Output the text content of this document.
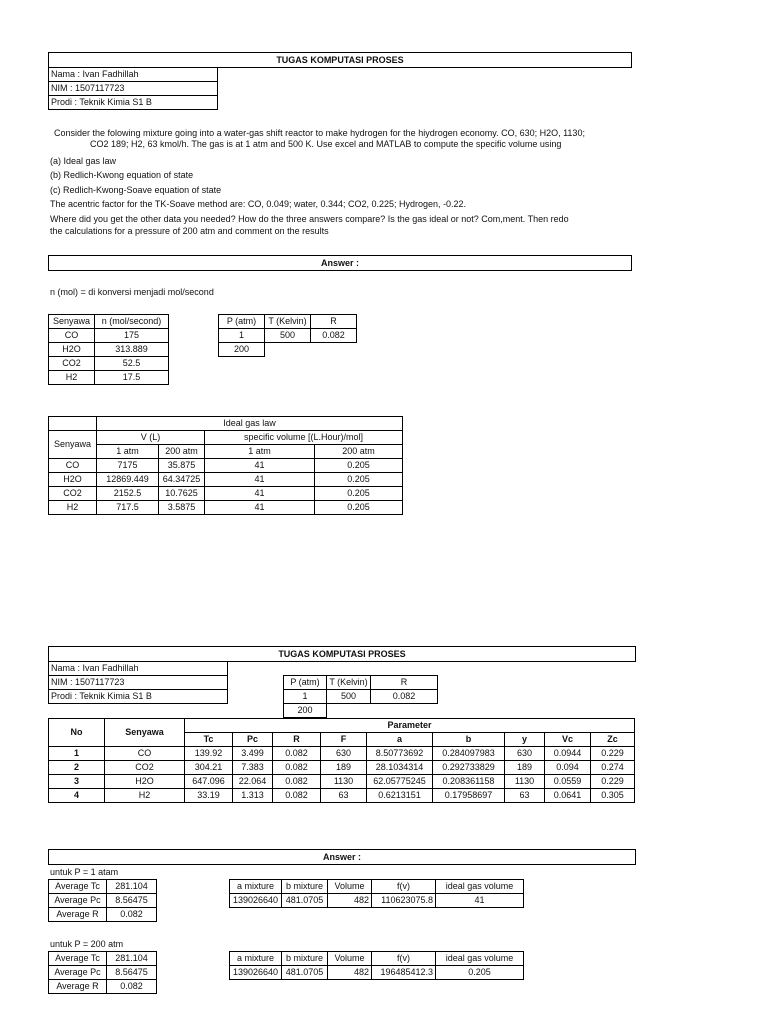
TUGAS KOMPUTASI PROSES
Nama : Ivan Fadhillah
NIM : 1507117723
Prodi : Teknik Kimia S1 B
Consider the folowing mixture going into a water-gas shift reactor to make hydrogen for the hiydrogen economy. CO, 630; H2O, 1130;
CO2 189; H2, 63 kmol/h. The gas is at 1 atm and 500 K. Use excel and MATLAB to compute the specific volume using
(a) Ideal gas law
(b) Redlich-Kwong equation of state
(c) Redlich-Kwong-Soave equation of state
The acentric factor for the TK-Soave method are: CO, 0.049; water, 0.344; CO2, 0.225; Hydrogen, -0.22.
Where did you get the other data you needed? How do the three answers compare? Is the gas ideal or not? Com,ment. Then redo
the calculations for a pressure of 200 atm and comment on the results
Answer :
n (mol) = di konversi menjadi mol/second
Senyawa	n (mol/second)
CO	175
H2O	313.889
CO2	52.5
H2	17.5
P (atm)	T (Kelvin)	R
1	500	0.082
200		
	Ideal gas law			
Senyawa	V (L)		specific volume [(L.Hour)/mol]	
	1 atm	200 atm	1 atm	200 atm
CO	7175	35.875	41	0.205
H2O	12869.449	64.34725	41	0.205
CO2	2152.5	10.7625	41	0.205
H2	717.5	3.5875	41	0.205
TUGAS KOMPUTASI PROSES
Nama : Ivan Fadhillah
NIM : 1507117723
Prodi : Teknik Kimia S1 B
P (atm)	T (Kelvin)	R
1	500	0.082
200		
No	Senyawa	Parameter								
		Tc	Pc	R	F	a	b	y	Vc	Zc
1	CO	139.92	3.499	0.082	630	8.50773692	0.284097983	630	0.0944	0.229
2	CO2	304.21	7.383	0.082	189	28.1034314	0.292733829	189	0.094	0.274
3	H2O	647.096	22.064	0.082	1130	62.05775245	0.208361158	1130	0.0559	0.229
4	H2	33.19	1.313	0.082	63	0.6213151	0.17958697	63	0.0641	0.305
Answer :
untuk P = 1 atam
Average Tc	281.104
Average Pc	8.56475
Average R	0.082
a mixture	b mixture	Volume	f(v)	ideal gas volume
139026640	481.0705	482	110623075.8	41
untuk P = 200 atm
Average Tc	281.104
Average Pc	8.56475
Average R	0.082
a mixture	b mixture	Volume	f(v)	ideal gas volume
139026640	481.0705	482	196485412.3	0.205
